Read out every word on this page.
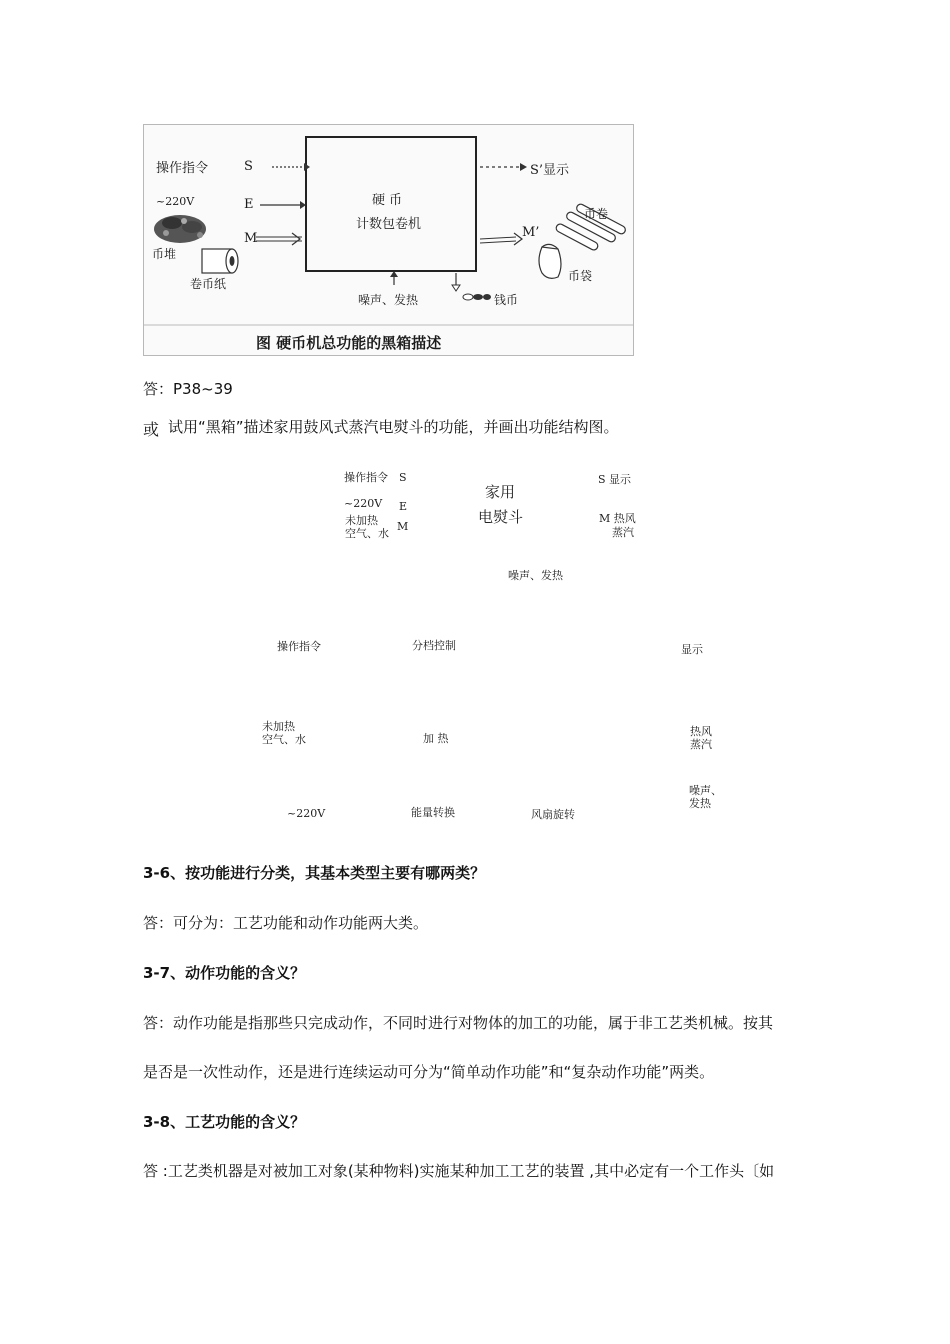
操作指令	S
~220V	E
M
币堆
卷币纸
硬 币
计数包卷机
S’显示
M’
币卷
币袋
噪声、发热	钱币
图 硬币机总功能的黑箱描述
答：P38~39
或 试用“黑箱”描述家用鼓风式蒸汽电熨斗的功能，并画出功能结构图。
操作指令 S
~220V E
未加热
空气、水
M
家用
电熨斗
S 显示
M 热风
蒸汽
噪声、发热
操作指令	分档控制	显示
未加热
空气、水	加 热
热风
蒸汽
噪声、
发热
~220V	能量转换	风扇旋转
3-6、按功能进行分类，其基本类型主要有哪两类？
答：可分为：工艺功能和动作功能两大类。
3-7、动作功能的含义？
答：动作功能是指那些只完成动作，不同时进行对物体的加工的功能，属于非工艺类机械。按其
是否是一次性动作，还是进行连续运动可分为“简单动作功能”和“复杂动作功能”两类。
3-8、工艺功能的含义？
答 :工艺类机器是对被加工对象(某种物料)实施某种加工工艺的装置 ,其中必定有一个工作头〔如
